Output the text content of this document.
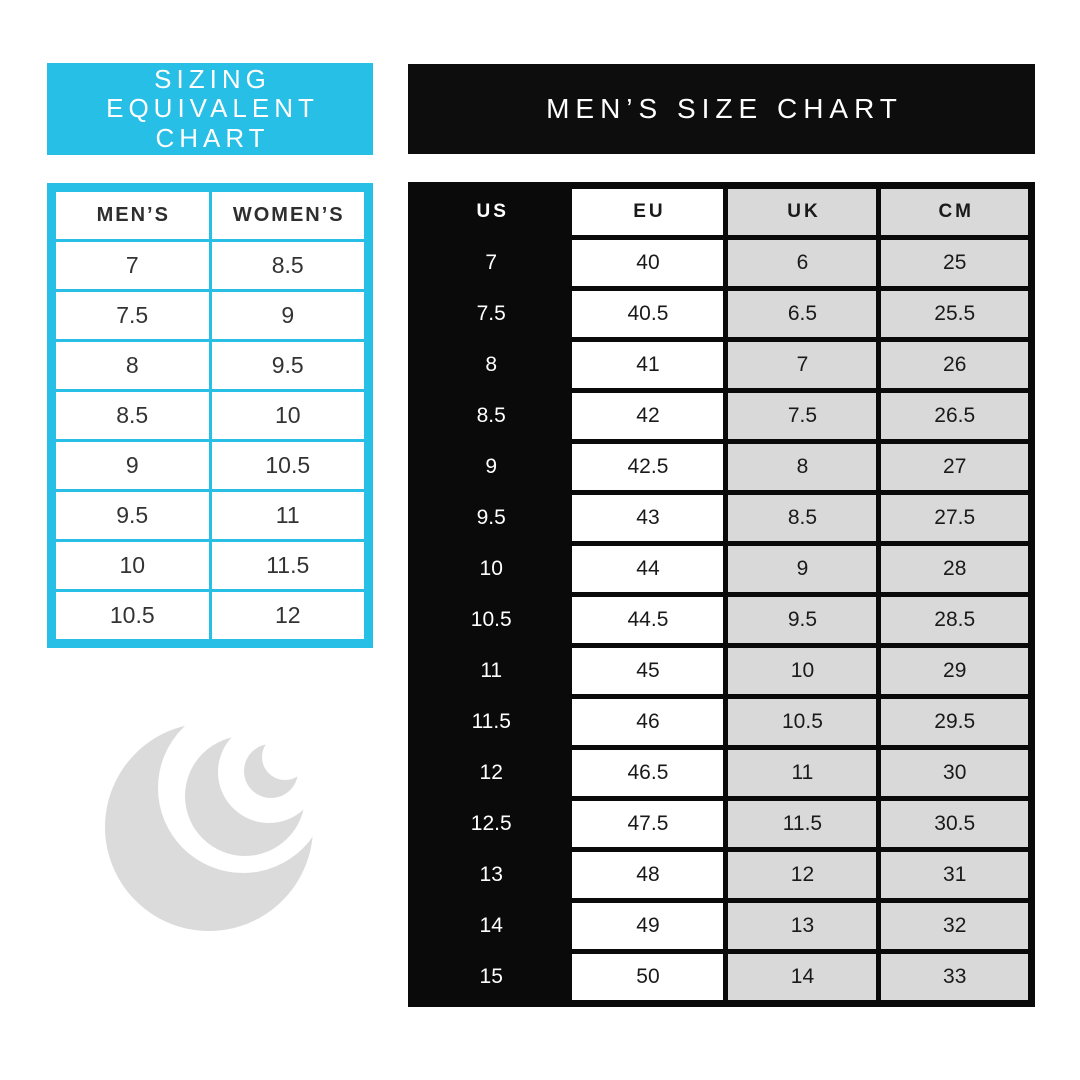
SIZING
EQUIVALENT
CHART
MEN’S	WOMEN’S
7	8.5
7.5	9
8	9.5
8.5	10
9	10.5
9.5	11
10	11.5
10.5	12
MEN’S SIZE CHART
US	EU	UK	CM
7	40	6	25
7.5	40.5	6.5	25.5
8	41	7	26
8.5	42	7.5	26.5
9	42.5	8	27
9.5	43	8.5	27.5
10	44	9	28
10.5	44.5	9.5	28.5
11	45	10	29
11.5	46	10.5	29.5
12	46.5	11	30
12.5	47.5	11.5	30.5
13	48	12	31
14	49	13	32
15	50	14	33
